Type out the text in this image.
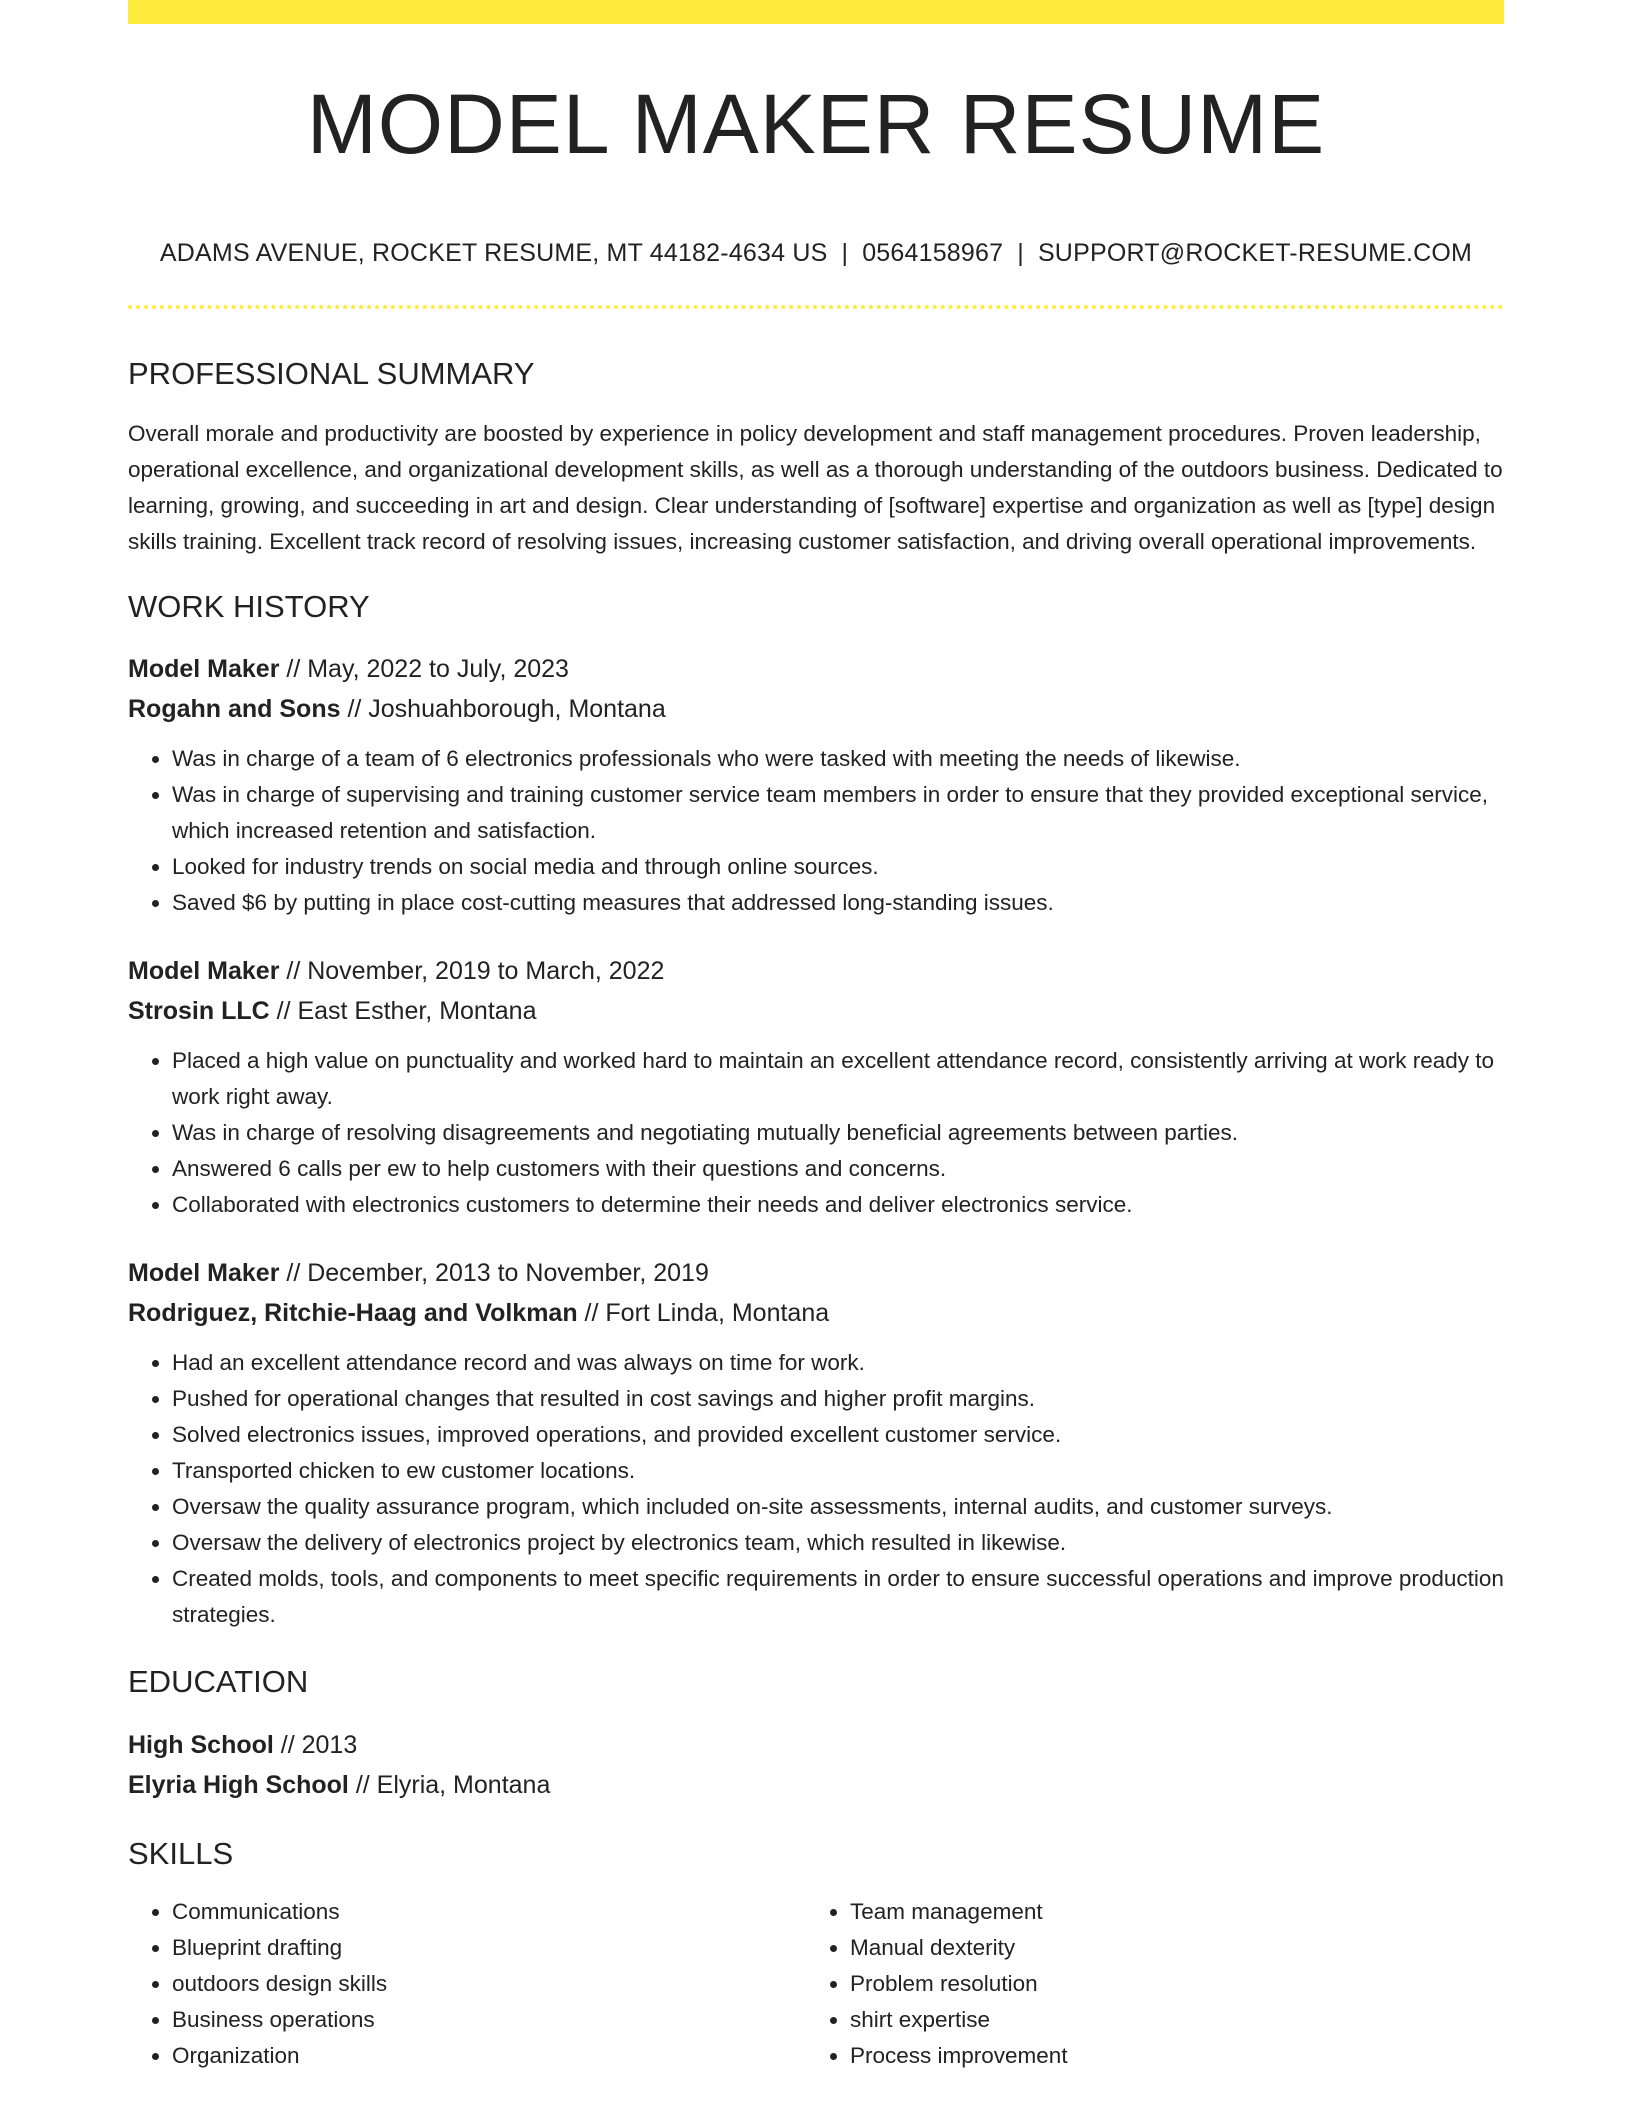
MODEL MAKER RESUME
ADAMS AVENUE, ROCKET RESUME, MT 44182-4634 US | 0564158967 | SUPPORT@ROCKET-RESUME.COM
PROFESSIONAL SUMMARY
Overall morale and productivity are boosted by experience in policy development and staff management procedures. Proven leadership, operational excellence, and organizational development skills, as well as a thorough understanding of the outdoors business. Dedicated to learning, growing, and succeeding in art and design. Clear understanding of [software] expertise and organization as well as [type] design skills training. Excellent track record of resolving issues, increasing customer satisfaction, and driving overall operational improvements.
WORK HISTORY
Model Maker // May, 2022 to July, 2023
Rogahn and Sons // Joshuahborough, Montana
• Was in charge of a team of 6 electronics professionals who were tasked with meeting the needs of likewise.
• Was in charge of supervising and training customer service team members in order to ensure that they provided exceptional service, which increased retention and satisfaction.
• Looked for industry trends on social media and through online sources.
• Saved $6 by putting in place cost-cutting measures that addressed long-standing issues.
Model Maker // November, 2019 to March, 2022
Strosin LLC // East Esther, Montana
• Placed a high value on punctuality and worked hard to maintain an excellent attendance record, consistently arriving at work ready to work right away.
• Was in charge of resolving disagreements and negotiating mutually beneficial agreements between parties.
• Answered 6 calls per ew to help customers with their questions and concerns.
• Collaborated with electronics customers to determine their needs and deliver electronics service.
Model Maker // December, 2013 to November, 2019
Rodriguez, Ritchie-Haag and Volkman // Fort Linda, Montana
• Had an excellent attendance record and was always on time for work.
• Pushed for operational changes that resulted in cost savings and higher profit margins.
• Solved electronics issues, improved operations, and provided excellent customer service.
• Transported chicken to ew customer locations.
• Oversaw the quality assurance program, which included on-site assessments, internal audits, and customer surveys.
• Oversaw the delivery of electronics project by electronics team, which resulted in likewise.
• Created molds, tools, and components to meet specific requirements in order to ensure successful operations and improve production strategies.
EDUCATION
High School // 2013
Elyria High School // Elyria, Montana
SKILLS
• Communications
• Blueprint drafting
• outdoors design skills
• Business operations
• Organization
• Team management
• Manual dexterity
• Problem resolution
• shirt expertise
• Process improvement
